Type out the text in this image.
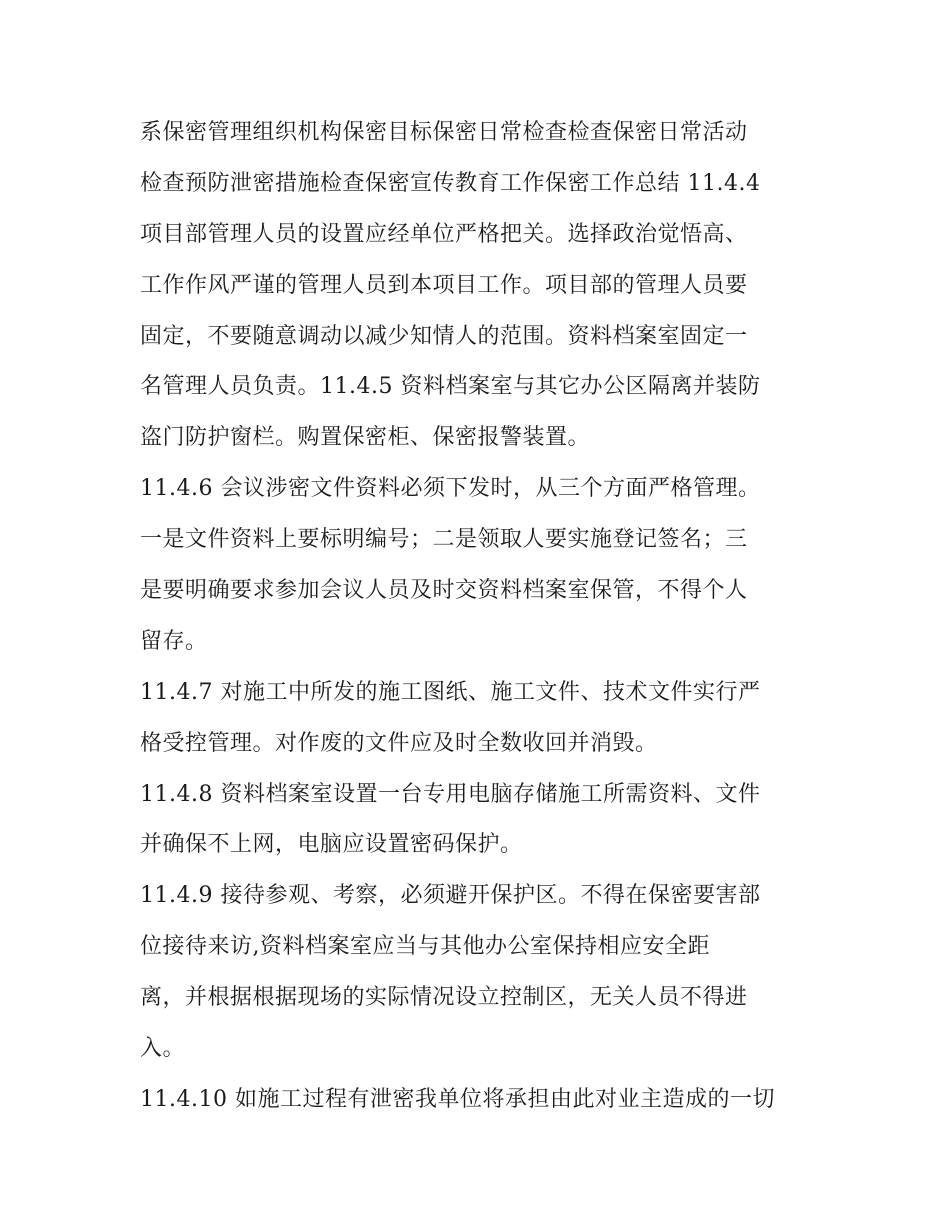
系保密管理组织机构保密目标保密日常检查检查保密日常活动
检查预防泄密措施检查保密宣传教育工作保密工作总结 11.4.4
项目部管理人员的设置应经单位严格把关。选择政治觉悟高、
工作作风严谨的管理人员到本项目工作。项目部的管理人员要
固定，不要随意调动以减少知情人的范围。资料档案室固定一
名管理人员负责。11.4.5 资料档案室与其它办公区隔离并装防
盗门防护窗栏。购置保密柜、保密报警装置。
11.4.6 会议涉密文件资料必须下发时，从三个方面严格管理。
一是文件资料上要标明编号；二是领取人要实施登记签名；三
是要明确要求参加会议人员及时交资料档案室保管，不得个人
留存。
11.4.7 对施工中所发的施工图纸、施工文件、技术文件实行严
格受控管理。对作废的文件应及时全数收回并消毁。
11.4.8 资料档案室设置一台专用电脑存储施工所需资料、文件
并确保不上网，电脑应设置密码保护。
11.4.9 接待参观、考察，必须避开保护区。不得在保密要害部
位接待来访,资料档案室应当与其他办公室保持相应安全距
离，并根据根据现场的实际情况设立控制区，无关人员不得进
入。
11.4.10 如施工过程有泄密我单位将承担由此对业主造成的一切
